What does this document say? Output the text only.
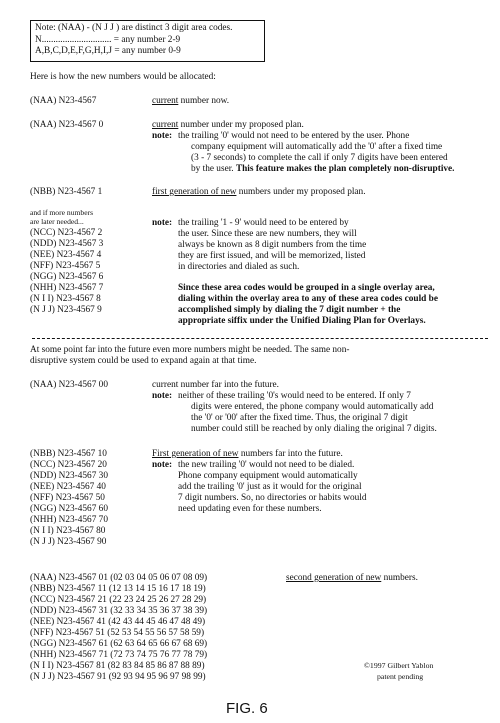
Note: (NAA) - (N J J ) are distinct 3 digit area codes.
N.............................. = any number 2-9
A,B,C,D,E,F,G,H,I,J = any number 0-9
Here is how the new numbers would be allocated:
(NAA) N23-4567	current number now.
(NAA) N23-4567 0	current number under my proposed plan.
note: the trailing '0' would not need to be entered by the user. Phone
company equipment will automatically add the '0' after a fixed time
(3 - 7 seconds) to complete the call if only 7 digits have been entered
by the user. This feature makes the plan completely non-disruptive.
(NBB) N23-4567 1	first generation of new numbers under my proposed plan.
and if more numbers
are later needed...
(NCC) N23-4567 2
(NDD) N23-4567 3
(NEE) N23-4567 4
(NFF) N23-4567 5
(NGG) N23-4567 6
(NHH) N23-4567 7
(N I I) N23-4567 8
(N J J) N23-4567 9
note: the trailing '1 - 9' would need to be entered by
the user. Since these are new numbers, they will
always be known as 8 digit numbers from the time
they are first issued, and will be memorized, listed
in directories and dialed as such.
Since these area codes would be grouped in a single overlay area,
dialing within the overlay area to any of these area codes could be
accomplished simply by dialing the 7 digit number + the
appropriate siffix under the Unified Dialing Plan for Overlays.
At some point far into the future even more numbers might be needed. The same non-
disruptive system could be used to expand again at that time.
(NAA) N23-4567 00	current number far into the future.
note: neither of these trailing '0's would need to be entered. If only 7
digits were entered, the phone company would automatically add
the '0' or '00' after the fixed time. Thus, the original 7 digit
number could still be reached by only dialing the original 7 digits.
(NBB) N23-4567 10
(NCC) N23-4567 20
(NDD) N23-4567 30
(NEE) N23-4567 40
(NFF) N23-4567 50
(NGG) N23-4567 60
(NHH) N23-4567 70
(N I I) N23-4567 80
(N J J) N23-4567 90
First generation of new numbers far into the future.
note: the new trailing '0' would not need to be dialed.
Phone company equipment would automatically
add the trailing '0' just as it would for the original
7 digit numbers. So, no directories or habits would
need updating even for these numbers.
(NAA) N23-4567 01 (02 03 04 05 06 07 08 09)
(NBB) N23-4567 11 (12 13 14 15 16 17 18 19)
(NCC) N23-4567 21 (22 23 24 25 26 27 28 29)
(NDD) N23-4567 31 (32 33 34 35 36 37 38 39)
(NEE) N23-4567 41 (42 43 44 45 46 47 48 49)
(NFF) N23-4567 51 (52 53 54 55 56 57 58 59)
(NGG) N23-4567 61 (62 63 64 65 66 67 68 69)
(NHH) N23-4567 71 (72 73 74 75 76 77 78 79)
(N I I) N23-4567 81 (82 83 84 85 86 87 88 89)
(N J J) N23-4567 91 (92 93 94 95 96 97 98 99)
second generation of new numbers.
©1997 Gilbert Yablon
patent pending
FIG. 6
